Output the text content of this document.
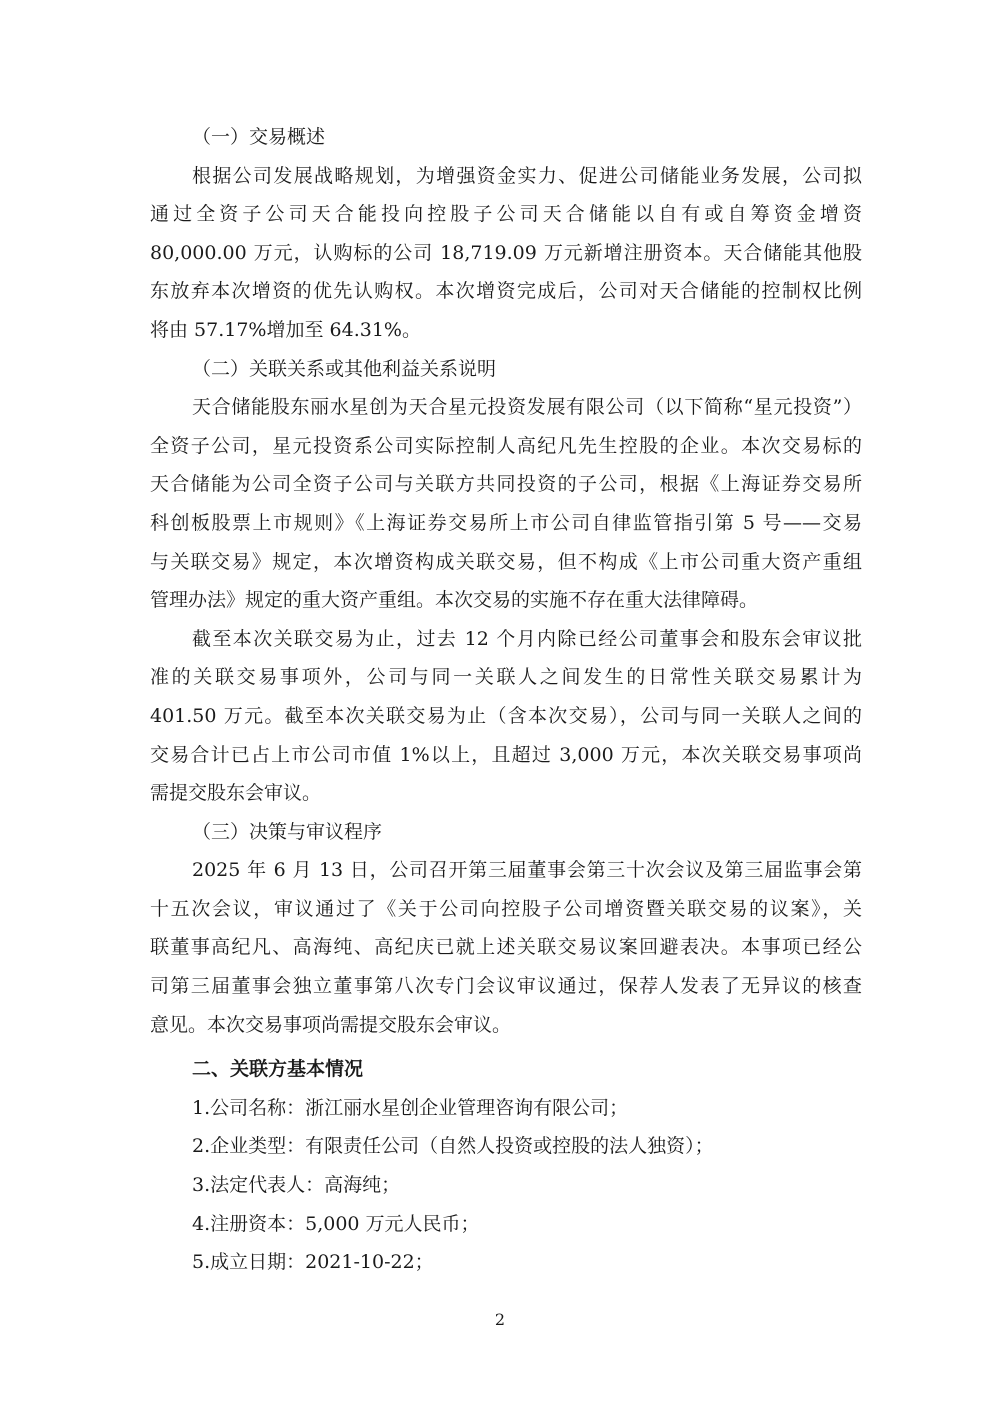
（一）交易概述
根据公司发展战略规划，为增强资金实力、促进公司储能业务发展，公司拟
通过全资子公司天合能投向控股子公司天合储能以自有或自筹资金增资
80,000.00 万元，认购标的公司 18,719.09 万元新增注册资本。天合储能其他股
东放弃本次增资的优先认购权。本次增资完成后，公司对天合储能的控制权比例
将由 57.17%增加至 64.31%。
（二）关联关系或其他利益关系说明
天合储能股东丽水星创为天合星元投资发展有限公司（以下简称“星元投资”）
全资子公司，星元投资系公司实际控制人高纪凡先生控股的企业。本次交易标的
天合储能为公司全资子公司与关联方共同投资的子公司，根据《上海证券交易所
科创板股票上市规则》《上海证券交易所上市公司自律监管指引第 5 号——交易
与关联交易》规定，本次增资构成关联交易，但不构成《上市公司重大资产重组
管理办法》规定的重大资产重组。本次交易的实施不存在重大法律障碍。
截至本次关联交易为止，过去 12 个月内除已经公司董事会和股东会审议批
准的关联交易事项外，公司与同一关联人之间发生的日常性关联交易累计为
401.50 万元。截至本次关联交易为止（含本次交易），公司与同一关联人之间的
交易合计已占上市公司市值 1%以上，且超过 3,000 万元，本次关联交易事项尚
需提交股东会审议。
（三）决策与审议程序
2025 年 6 月 13 日，公司召开第三届董事会第三十次会议及第三届监事会第
十五次会议，审议通过了《关于公司向控股子公司增资暨关联交易的议案》，关
联董事高纪凡、高海纯、高纪庆已就上述关联交易议案回避表决。本事项已经公
司第三届董事会独立董事第八次专门会议审议通过，保荐人发表了无异议的核查
意见。本次交易事项尚需提交股东会审议。
二、关联方基本情况
1.公司名称：浙江丽水星创企业管理咨询有限公司；
2.企业类型：有限责任公司（自然人投资或控股的法人独资）；
3.法定代表人：高海纯；
4.注册资本：5,000 万元人民币；
5.成立日期：2021-10-22；
2
